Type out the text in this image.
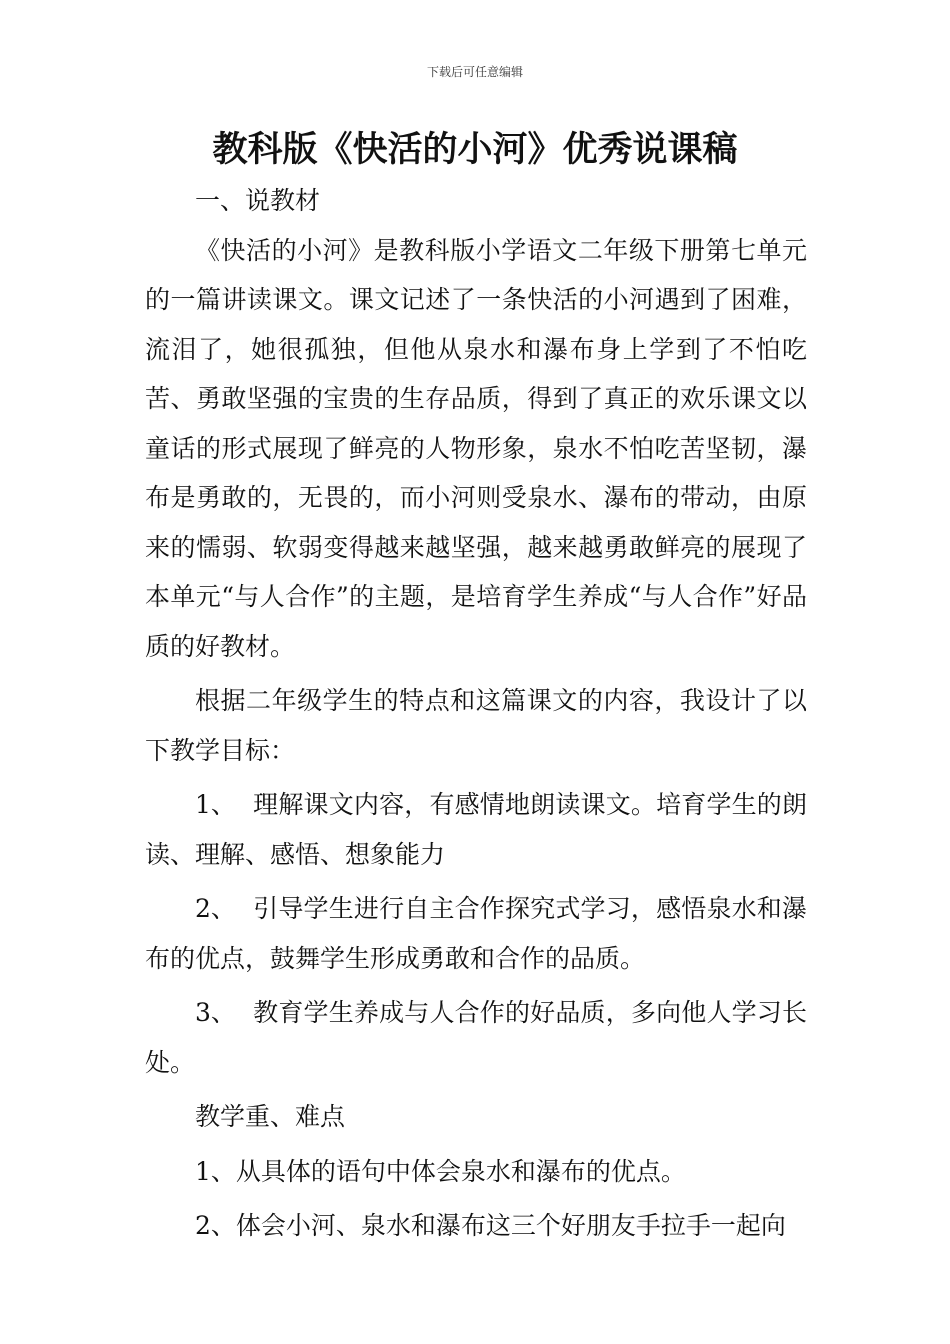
下载后可任意编辑
教科版《快活的小河》优秀说课稿

一、说教材

《快活的小河》是教科版小学语文二年级下册第七单元的一篇讲读课文。课文记述了一条快活的小河遇到了困难，流泪了，她很孤独，但他从泉水和瀑布身上学到了不怕吃苦、勇敢坚强的宝贵的生存品质，得到了真正的欢乐课文以童话的形式展现了鲜亮的人物形象，泉水不怕吃苦坚韧，瀑布是勇敢的，无畏的，而小河则受泉水、瀑布的带动，由原来的懦弱、软弱变得越来越坚强，越来越勇敢鲜亮的展现了本单元“与人合作”的主题，是培育学生养成“与人合作”好品质的好教材。

根据二年级学生的特点和这篇课文的内容，我设计了以下教学目标：

1、 理解课文内容，有感情地朗读课文。培育学生的朗读、理解、感悟、想象能力

2、 引导学生进行自主合作探究式学习，感悟泉水和瀑布的优点，鼓舞学生形成勇敢和合作的品质。

3、 教育学生养成与人合作的好品质，多向他人学习长处。

教学重、难点

1、从具体的语句中体会泉水和瀑布的优点。

2、体会小河、泉水和瀑布这三个好朋友手拉手一起向
